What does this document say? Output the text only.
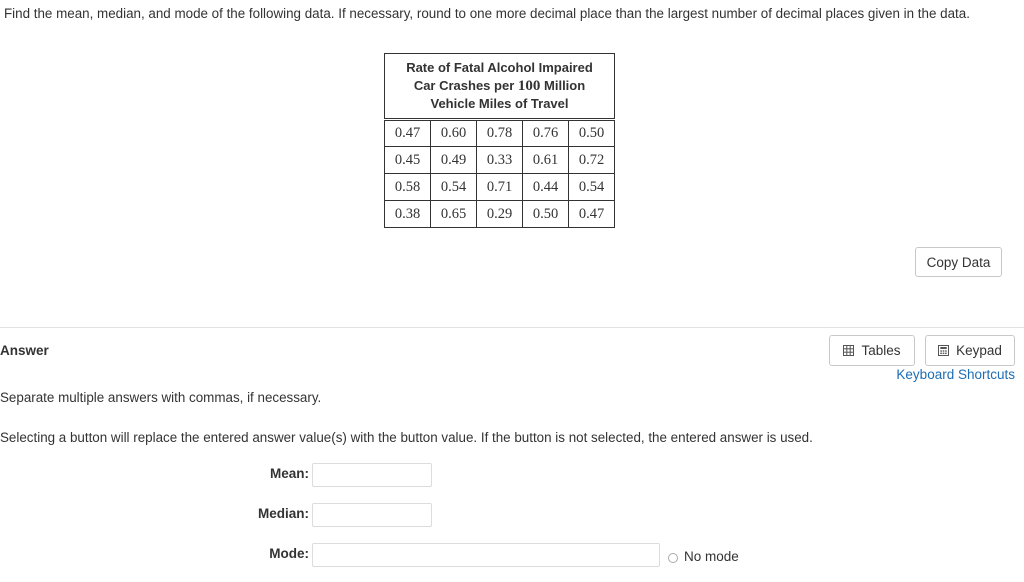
Find the mean, median, and mode of the following data. If necessary, round to one more decimal place than the largest number of decimal places given in the data.
Rate of Fatal Alcohol Impaired
Car Crashes per 100 Million
Vehicle Miles of Travel				

0.47	0.60	0.78	0.76	0.50
0.45	0.49	0.33	0.61	0.72
0.58	0.54	0.71	0.44	0.54
0.38	0.65	0.29	0.50	0.47
Copy Data
Answer	Tables	Keypad
Keyboard Shortcuts
Separate multiple answers with commas, if necessary.
Selecting a button will replace the entered answer value(s) with the button value. If the button is not selected, the entered answer is used.
Mean:
Median:
Mode:	No mode
